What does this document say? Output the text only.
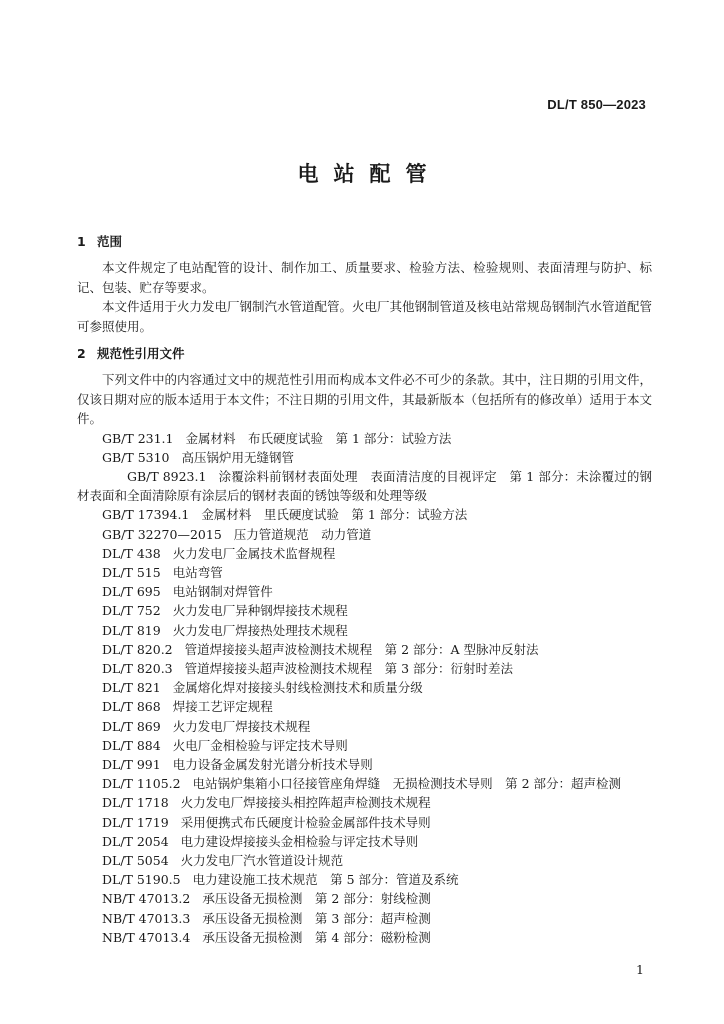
DL/T 850—2023
电站配管
1 范围

本文件规定了电站配管的设计、制作加工、质量要求、检验方法、检验规则、表面清理与防护、标记、包装、贮存等要求。

本文件适用于火力发电厂钢制汽水管道配管。火电厂其他钢制管道及核电站常规岛钢制汽水管道配管可参照使用。

2 规范性引用文件

下列文件中的内容通过文中的规范性引用而构成本文件必不可少的条款。其中，注日期的引用文件，仅该日期对应的版本适用于本文件；不注日期的引用文件，其最新版本（包括所有的修改单）适用于本文件。

GB/T 231.1 金属材料　布氏硬度试验　第 1 部分：试验方法
GB/T 5310 高压锅炉用无缝钢管
GB/T 8923.1 涂覆涂料前钢材表面处理　表面清洁度的目视评定　第 1 部分：未涂覆过的钢材表面和全面清除原有涂层后的钢材表面的锈蚀等级和处理等级
GB/T 17394.1 金属材料　里氏硬度试验　第 1 部分：试验方法
GB/T 32270—2015 压力管道规范　动力管道
DL/T 438 火力发电厂金属技术监督规程
DL/T 515 电站弯管
DL/T 695 电站钢制对焊管件
DL/T 752 火力发电厂异种钢焊接技术规程
DL/T 819 火力发电厂焊接热处理技术规程
DL/T 820.2 管道焊接接头超声波检测技术规程　第 2 部分：A 型脉冲反射法
DL/T 820.3 管道焊接接头超声波检测技术规程　第 3 部分：衍射时差法
DL/T 821 金属熔化焊对接接头射线检测技术和质量分级
DL/T 868 焊接工艺评定规程
DL/T 869 火力发电厂焊接技术规程
DL/T 884 火电厂金相检验与评定技术导则
DL/T 991 电力设备金属发射光谱分析技术导则
DL/T 1105.2 电站锅炉集箱小口径接管座角焊缝　无损检测技术导则　第 2 部分：超声检测
DL/T 1718 火力发电厂焊接接头相控阵超声检测技术规程
DL/T 1719 采用便携式布氏硬度计检验金属部件技术导则
DL/T 2054 电力建设焊接接头金相检验与评定技术导则
DL/T 5054 火力发电厂汽水管道设计规范
DL/T 5190.5 电力建设施工技术规范　第 5 部分：管道及系统
NB/T 47013.2 承压设备无损检测　第 2 部分：射线检测
NB/T 47013.3 承压设备无损检测　第 3 部分：超声检测
NB/T 47013.4 承压设备无损检测　第 4 部分：磁粉检测
1
